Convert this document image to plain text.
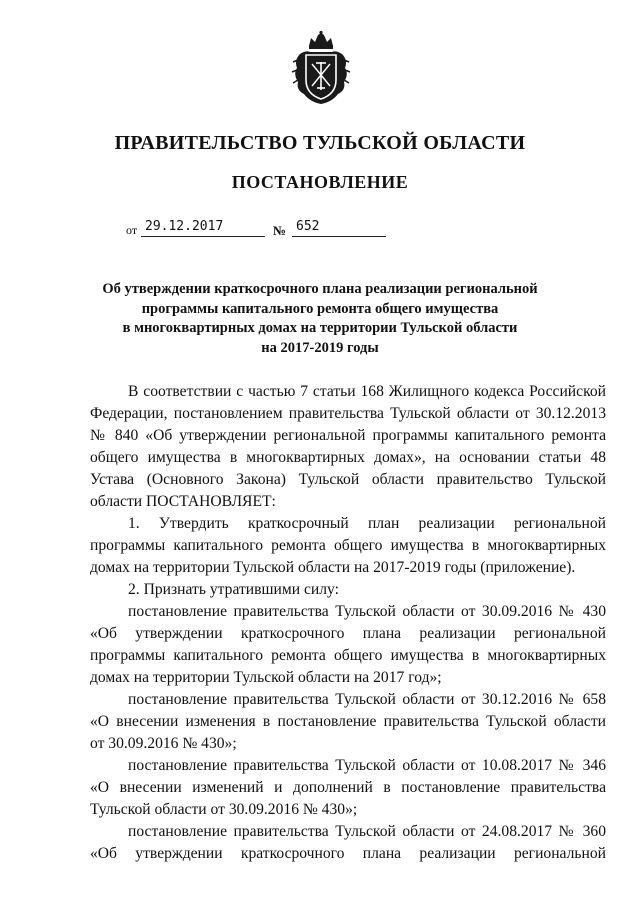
ПРАВИТЕЛЬСТВО ТУЛЬСКОЙ ОБЛАСТИ
ПОСТАНОВЛЕНИЕ
от 29.12.2017	№ 652
Об утверждении краткосрочного плана реализации региональной
программы капитального ремонта общего имущества
в многоквартирных домах на территории Тульской области
на 2017-2019 годы
В соответствии с частью 7 статьи 168 Жилищного кодекса Российской
Федерации, постановлением правительства Тульской области от 30.12.2013
№ 840 «Об утверждении региональной программы капитального ремонта
общего имущества в многоквартирных домах», на основании статьи 48
Устава (Основного Закона) Тульской области правительство Тульской
области ПОСТАНОВЛЯЕТ:
1. Утвердить краткосрочный план реализации региональной
программы капитального ремонта общего имущества в многоквартирных
домах на территории Тульской области на 2017-2019 годы (приложение).
2. Признать утратившими силу:
постановление правительства Тульской области от 30.09.2016 № 430
«Об утверждении краткосрочного плана реализации региональной
программы капитального ремонта общего имущества в многоквартирных
домах на территории Тульской области на 2017 год»;
постановление правительства Тульской области от 30.12.2016 № 658
«О внесении изменения в постановление правительства Тульской области
от 30.09.2016 № 430»;
постановление правительства Тульской области от 10.08.2017 № 346
«О внесении изменений и дополнений в постановление правительства
Тульской области от 30.09.2016 № 430»;
постановление правительства Тульской области от 24.08.2017 № 360
«Об утверждении краткосрочного плана реализации региональной
